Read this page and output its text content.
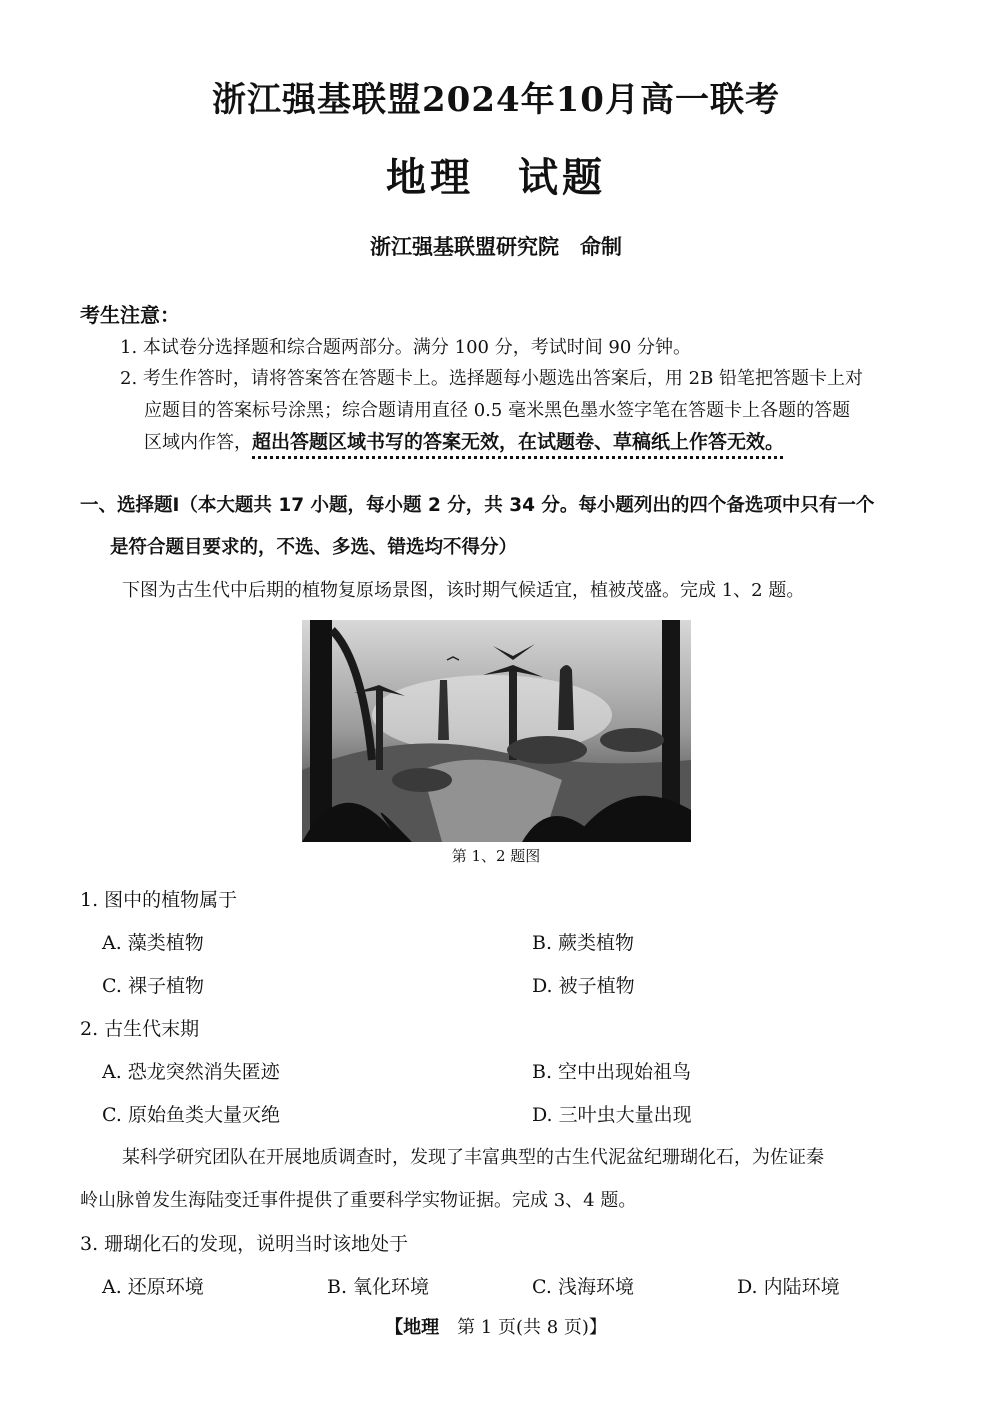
浙江强基联盟2024年10月高一联考
地理　试题
浙江强基联盟研究院　命制
考生注意：
1. 本试卷分选择题和综合题两部分。满分 100 分，考试时间 90 分钟。
2. 考生作答时，请将答案答在答题卡上。选择题每小题选出答案后，用 2B 铅笔把答题卡上对
应题目的答案标号涂黑；综合题请用直径 0.5 毫米黑色墨水签字笔在答题卡上各题的答题
区域内作答，超出答题区域书写的答案无效，在试题卷、草稿纸上作答无效。
一、选择题Ⅰ（本大题共 17 小题，每小题 2 分，共 34 分。每小题列出的四个备选项中只有一个
是符合题目要求的，不选、多选、错选均不得分）
下图为古生代中后期的植物复原场景图，该时期气候适宜，植被茂盛。完成 1、2 题。
第 1、2 题图
1. 图中的植物属于
A. 藻类植物	B. 蕨类植物
C. 裸子植物	D. 被子植物
2. 古生代末期
A. 恐龙突然消失匿迹	B. 空中出现始祖鸟
C. 原始鱼类大量灭绝	D. 三叶虫大量出现
某科学研究团队在开展地质调查时，发现了丰富典型的古生代泥盆纪珊瑚化石，为佐证秦
岭山脉曾发生海陆变迁事件提供了重要科学实物证据。完成 3、4 题。
3. 珊瑚化石的发现，说明当时该地处于
A. 还原环境	B. 氧化环境	C. 浅海环境	D. 内陆环境
【地理　第 1 页(共 8 页)】
